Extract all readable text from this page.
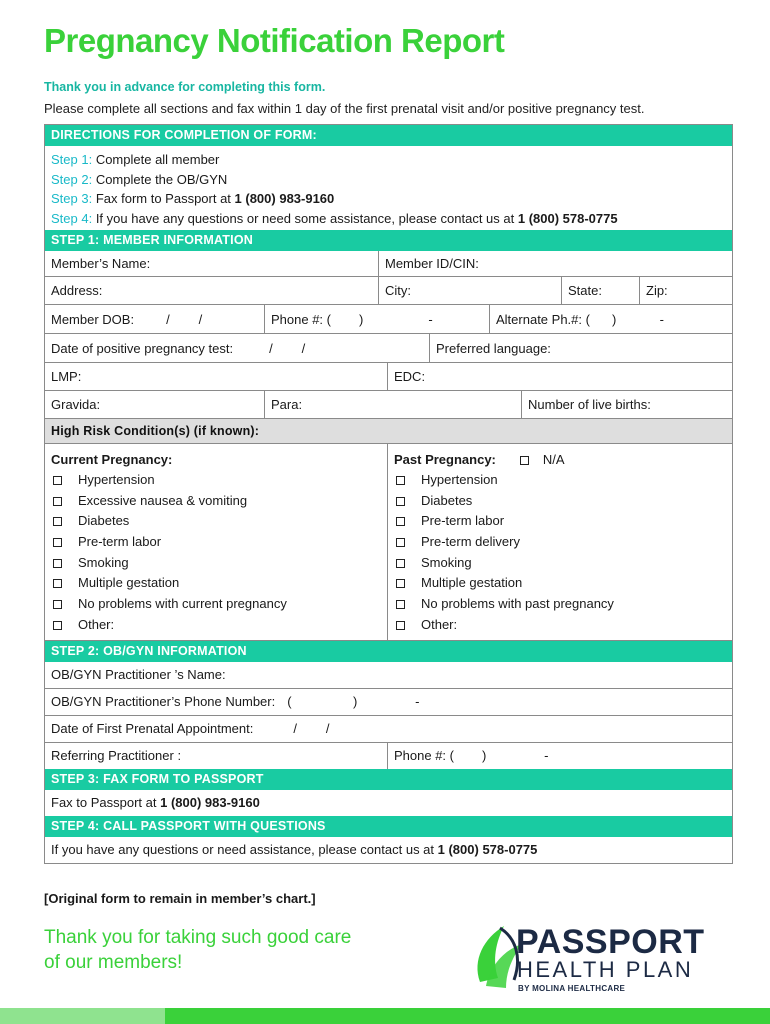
Pregnancy Notification Report
Thank you in advance for completing this form.
Please complete all sections and fax within 1 day of the first prenatal visit and/or positive pregnancy test.
DIRECTIONS FOR COMPLETION OF FORM:
Step 1: Complete all member
Step 2: Complete the OB/GYN
Step 3: Fax form to Passport at 1 (800) 983-9160
Step 4: If you have any questions or need some assistance, please contact us at 1 (800) 578-0775
STEP 1: MEMBER INFORMATION
Member’s Name:	Member ID/CIN:
Address:	City:	State:	Zip:
Member DOB: /        /	Phone #: ( )                  -	Alternate Ph.#: ( )            -
Date of positive pregnancy test:	/        /	Preferred language:
LMP:	EDC:
Gravida:	Para:	Number of live births:
High Risk Condition(s) (if known):
Current Pregnancy:
Hypertension
Excessive nausea & vomiting
Diabetes
Pre-term labor
Smoking
Multiple gestation
No problems with current pregnancy
Other:
Past Pregnancy:	N/A
Hypertension
Diabetes
Pre-term labor
Pre-term delivery
Smoking
Multiple gestation
No problems with past pregnancy
Other:
STEP 2: OB/GYN INFORMATION
OB/GYN Practitioner ’s Name:
OB/GYN Practitioner’s Phone Number: (                 )                -
Date of First Prenatal Appointment:	/        /
Referring Practitioner :	Phone #: ( )                -
STEP 3: FAX FORM TO PASSPORT
Fax to Passport at 1 (800) 983-9160
STEP 4: CALL PASSPORT WITH QUESTIONS
If you have any questions or need assistance, please contact us at 1 (800) 578-0775
[Original form to remain in member’s chart.]
Thank you for taking such good care
of our members!
PASSPORT
HEALTH PLAN
BY MOLINA HEALTHCARE
